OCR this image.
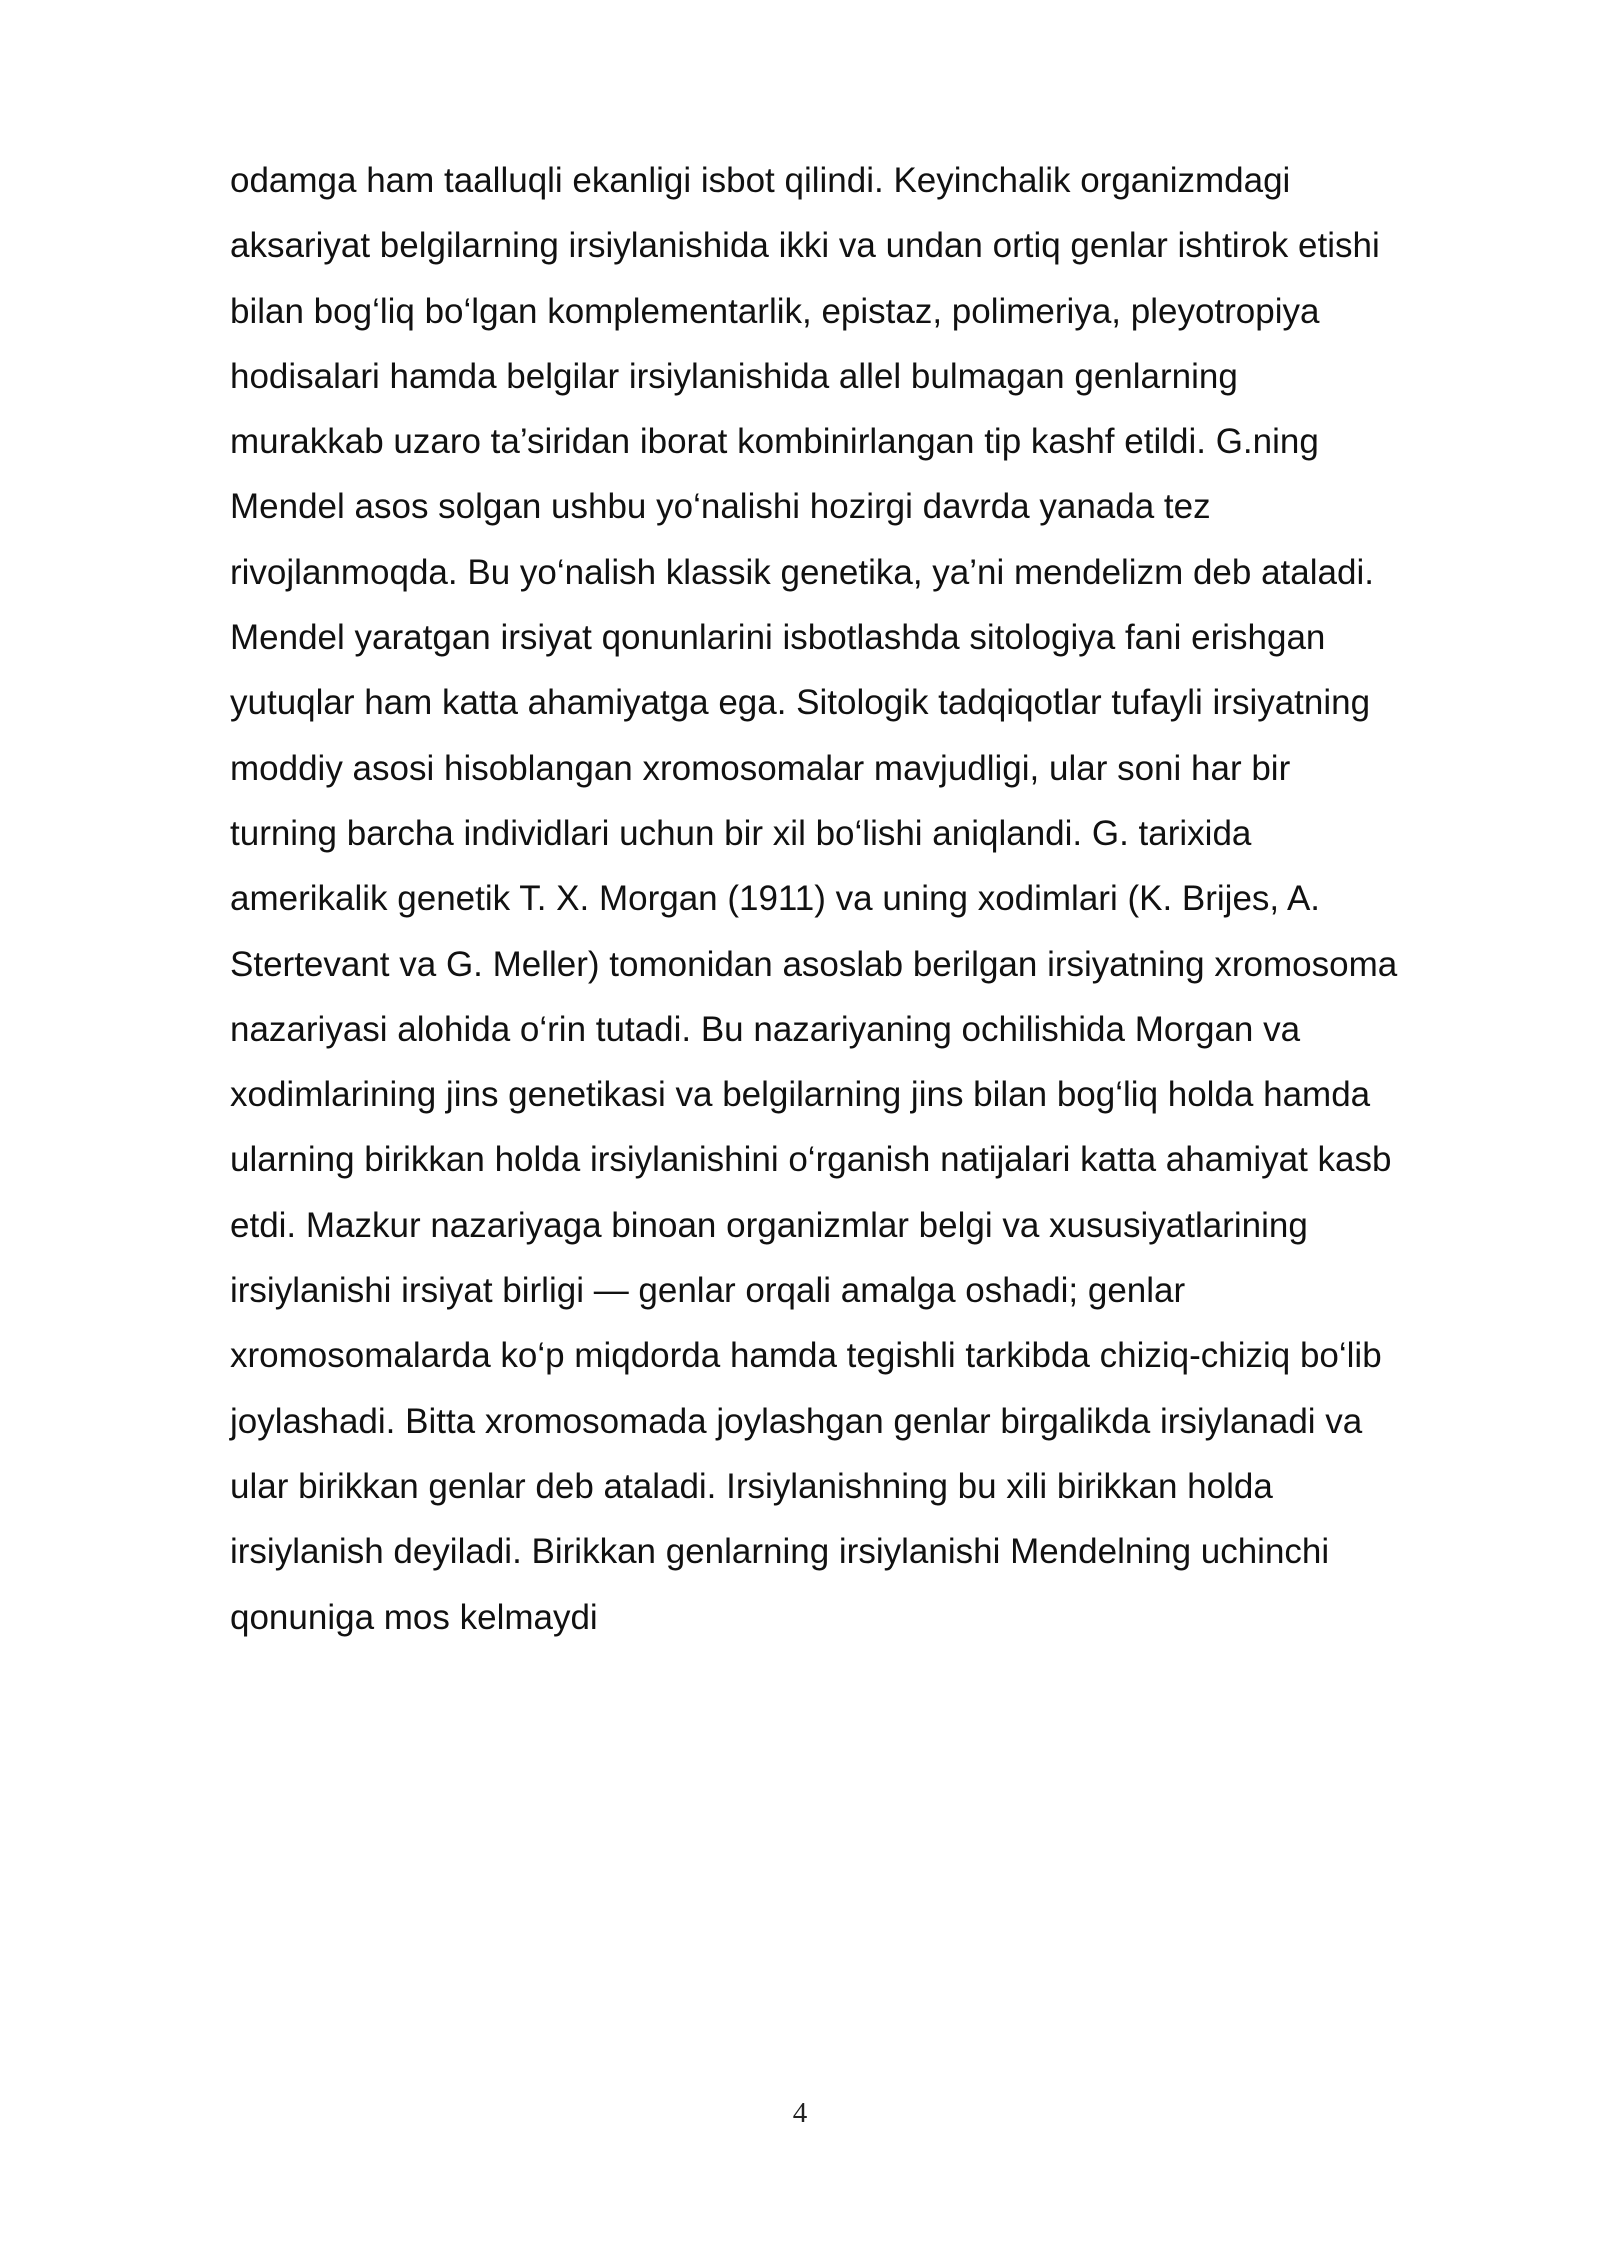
odamga ham taalluqli ekanligi isbot qilindi. Keyinchalik organizmdagi
aksariyat belgilarning irsiylanishida ikki va undan ortiq genlar ishtirok etishi
bilan bog‘liq bo‘lgan komplementarlik, epistaz, polimeriya, pleyotropiya
hodisalari hamda belgilar irsiylanishida allel bulmagan genlarning
murakkab uzaro ta’siridan iborat kombinirlangan tip kashf etildi. G.ning
Mendel asos solgan ushbu yo‘nalishi hozirgi davrda yanada tez
rivojlanmoqda. Bu yo‘nalish klassik genetika, ya’ni mendelizm deb ataladi.
Mendel yaratgan irsiyat qonunlarini isbotlashda sitologiya fani erishgan
yutuqlar ham katta ahamiyatga ega. Sitologik tadqiqotlar tufayli irsiyatning
moddiy asosi hisoblangan xromosomalar mavjudligi, ular soni har bir
turning barcha individlari uchun bir xil bo‘lishi aniqlandi. G. tarixida
amerikalik genetik T. X. Morgan (1911) va uning xodimlari (K. Brijes, A.
Stertevant va G. Meller) tomonidan asoslab berilgan irsiyatning xromosoma
nazariyasi alohida o‘rin tutadi. Bu nazariyaning ochilishida Morgan va
xodimlarining jins genetikasi va belgilarning jins bilan bog‘liq holda hamda
ularning birikkan holda irsiylanishini o‘rganish natijalari katta ahamiyat kasb
etdi. Mazkur nazariyaga binoan organizmlar belgi va xususiyatlarining
irsiylanishi irsiyat birligi — genlar orqali amalga oshadi; genlar
xromosomalarda ko‘p miqdorda hamda tegishli tarkibda chiziq-chiziq bo‘lib
joylashadi. Bitta xromosomada joylashgan genlar birgalikda irsiylanadi va
ular birikkan genlar deb ataladi. Irsiylanishning bu xili birikkan holda
irsiylanish deyiladi. Birikkan genlarning irsiylanishi Mendelning uchinchi
qonuniga mos kelmaydi
4
